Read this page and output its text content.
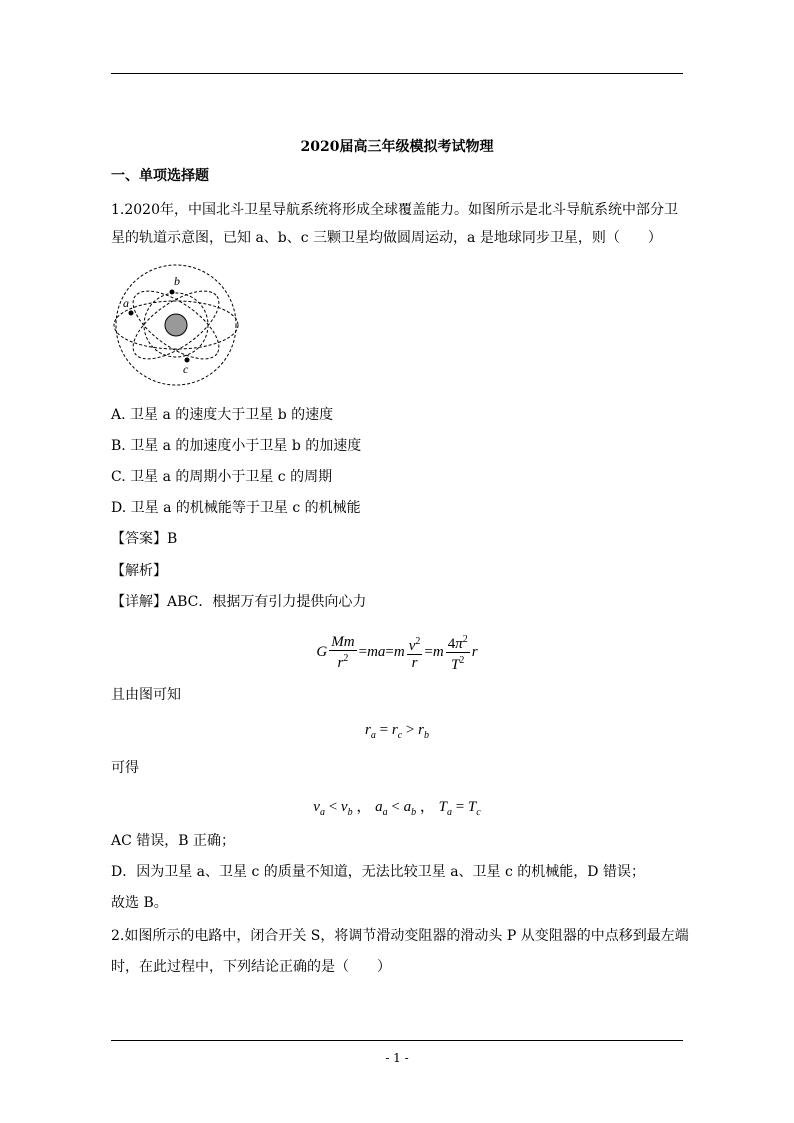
2020届高三年级模拟考试物理
一、单项选择题
1.2020年，中国北斗卫星导航系统将形成全球覆盖能力。如图所示是北斗导航系统中部分卫
星的轨道示意图，已知 a、b、c 三颗卫星均做圆周运动，a 是地球同步卫星，则（　　）
b
a
c
A. 卫星 a 的速度大于卫星 b 的速度
B. 卫星 a 的加速度小于卫星 b 的加速度
C. 卫星 a 的周期小于卫星 c 的周期
D. 卫星 a 的机械能等于卫星 c 的机械能
【答案】B
【解析】
【详解】ABC．根据万有引力提供向心力
G $\frac{Mm}{r^2} =ma=m \frac{v^2}{r} =m \frac{4\pi^2}{T^2}$ r
且由图可知
$r_a = r_c > r_b$
可得
$v_a < v_b$ ， $a_a < a_b$ ， $T_a = T_c$
AC 错误，B 正确；
D．因为卫星 a、卫星 c 的质量不知道，无法比较卫星 a、卫星 c 的机械能，D 错误；
故选 B。
2.如图所示的电路中，闭合开关 S，将调节滑动变阻器的滑动头 P 从变阻器的中点移到最左端
时，在此过程中，下列结论正确的是（　　）
- 1 -
